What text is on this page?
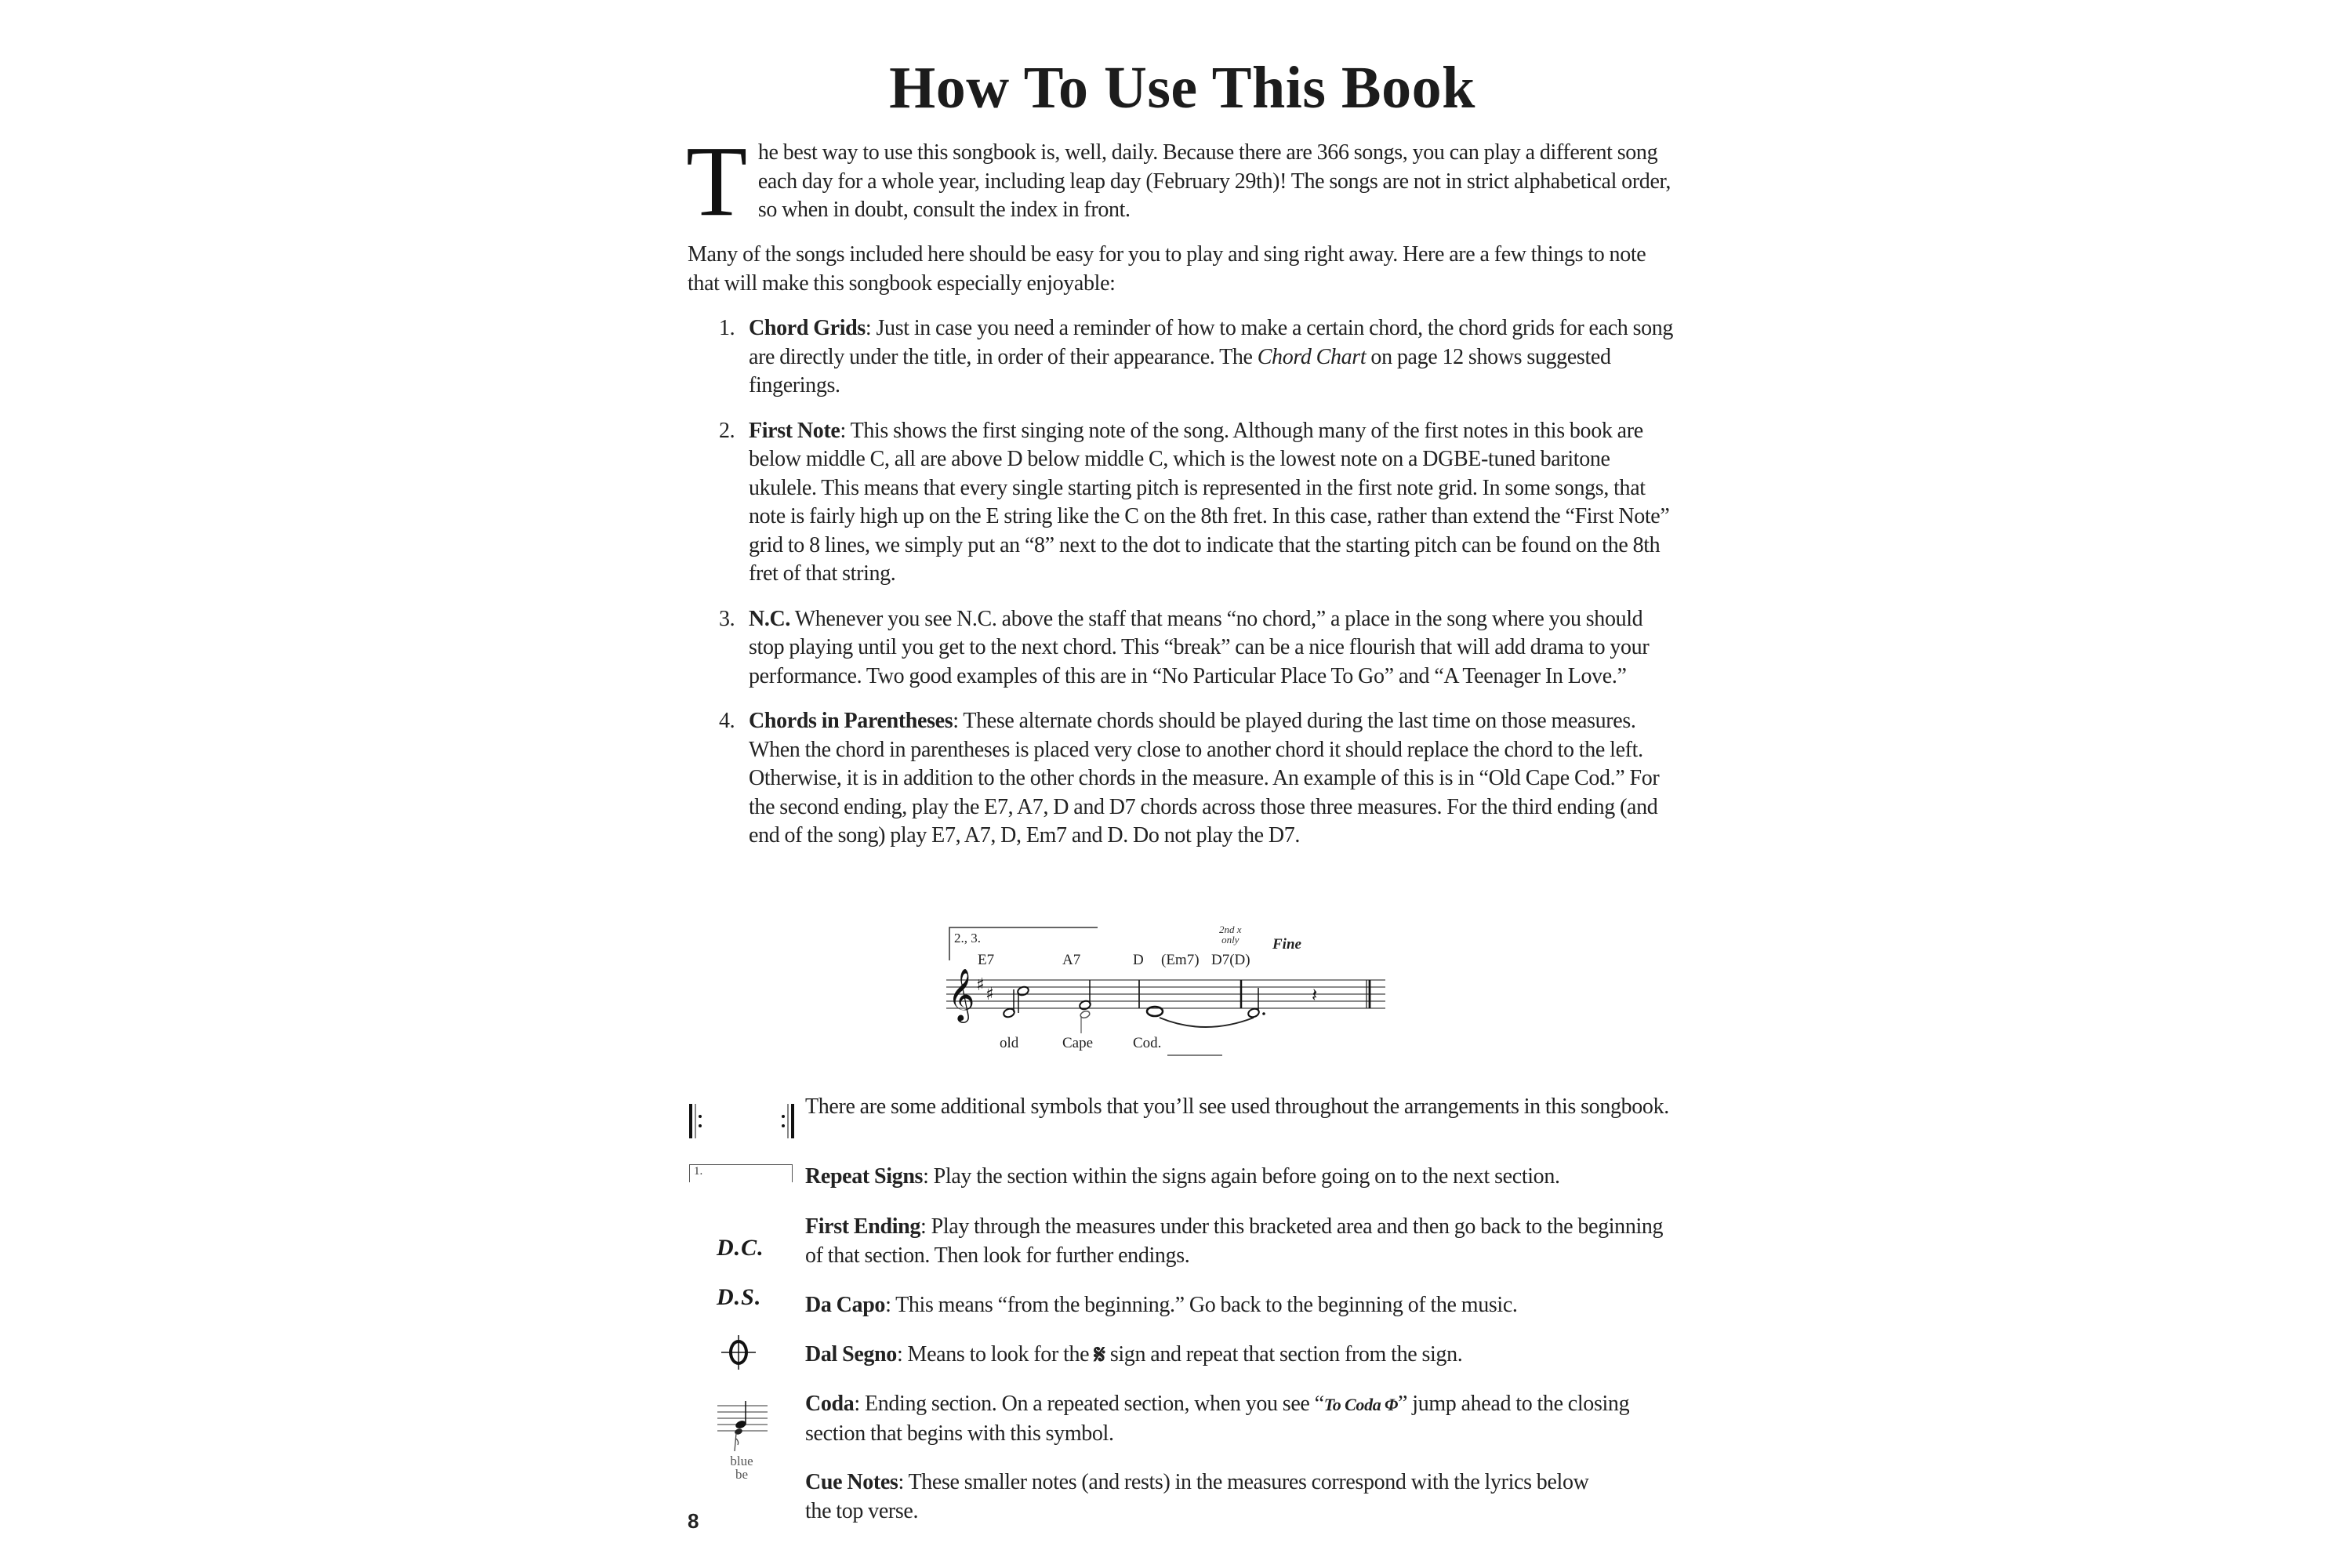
How To Use This Book
T he best way to use this songbook is, well, daily. Because there are 366 songs, you can play a different song each day for a whole year, including leap day (February 29th)! The songs are not in strict alphabetical order, so when in doubt, consult the index in front.
Many of the songs included here should be easy for you to play and sing right away. Here are a few things to note that will make this songbook especially enjoyable:
1. Chord Grids: Just in case you need a reminder of how to make a certain chord, the chord grids for each song are directly under the title, in order of their appearance. The Chord Chart on page 12 shows suggested fingerings.
2. First Note: This shows the first singing note of the song. Although many of the first notes in this book are below middle C, all are above D below middle C, which is the lowest note on a DGBE-tuned baritone ukulele. This means that every single starting pitch is represented in the first note grid. In some songs, that note is fairly high up on the E string like the C on the 8th fret. In this case, rather than extend the “First Note” grid to 8 lines, we simply put an “8” next to the dot to indicate that the starting pitch can be found on the 8th fret of that string.
3. N.C. Whenever you see N.C. above the staff that means “no chord,” a place in the song where you should stop playing until you get to the next chord. This “break” can be a nice flourish that will add drama to your performance. Two good examples of this are in “No Particular Place To Go” and “A Teenager In Love.”
4. Chords in Parentheses: These alternate chords should be played during the last time on those measures. When the chord in parentheses is placed very close to another chord it should replace the chord to the left. Otherwise, it is in addition to the other chords in the measure. An example of this is in “Old Cape Cod.” For the second ending, play the E7, A7, D and D7 chords across those three measures. For the third ending (and end of the song) play E7, A7, D, Em7 and D. Do not play the D7.
𝄞 ♯ ♯	𝄽
2., 3.
E7	A7	D (Em7) D7(D)
2nd x
only Fine
old	Cape	Cod.
1.
D.C.
D.S.
blue
be
There are some additional symbols that you’ll see used throughout the arrangements in this songbook.
Repeat Signs: Play the section within the signs again before going on to the next section.
First Ending: Play through the measures under this bracketed area and then go back to the beginning of that section. Then look for further endings.
Da Capo: This means “from the beginning.” Go back to the beginning of the music.
Dal Segno: Means to look for the 𝄋 sign and repeat that section from the sign.
Coda: Ending section. On a repeated section, when you see “To Coda Φ” jump ahead to the closing section that begins with this symbol.
Cue Notes: These smaller notes (and rests) in the measures correspond with the lyrics below the top verse.
8
